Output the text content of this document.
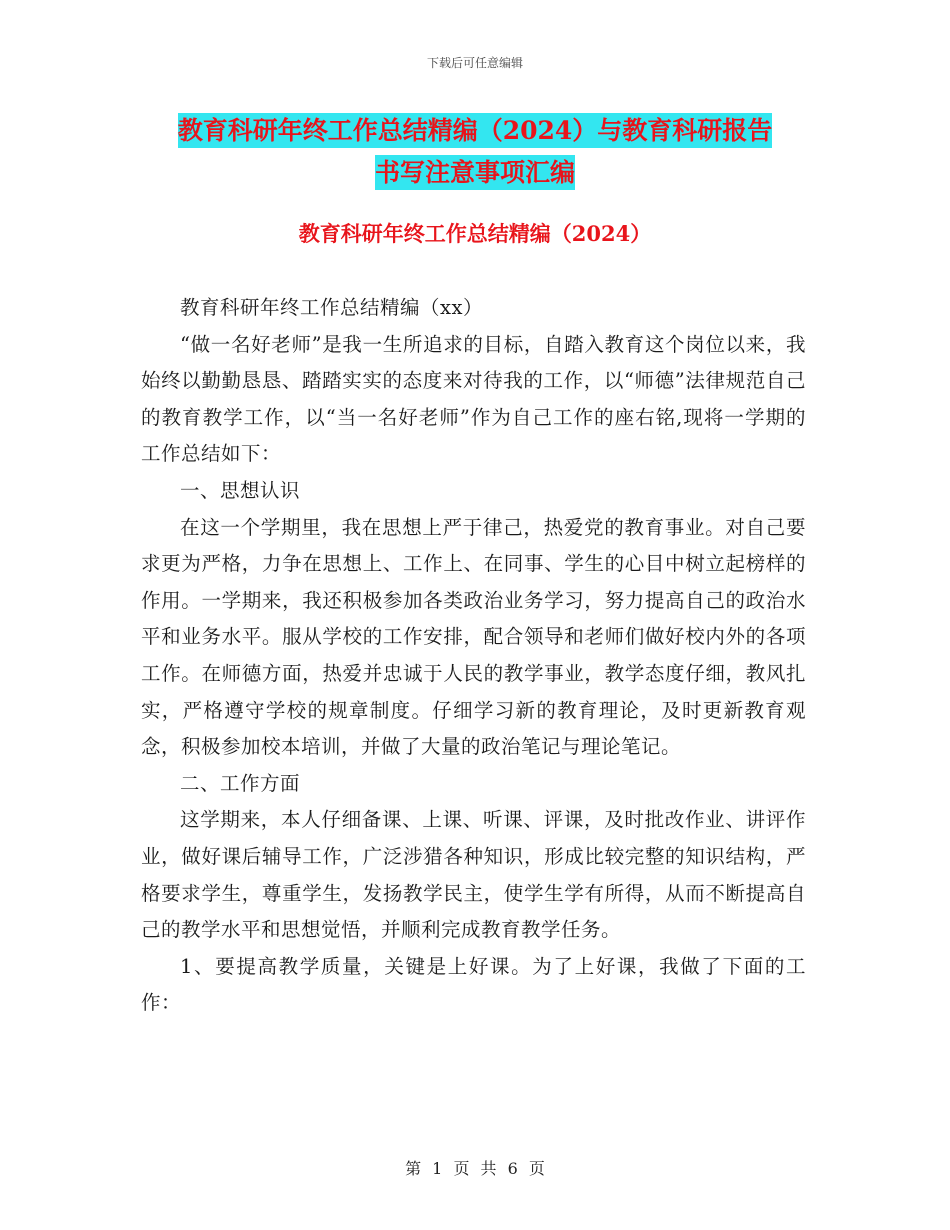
下载后可任意编辑
教育科研年终工作总结精编（2024）与教育科研报告
书写注意事项汇编
教育科研年终工作总结精编（2024）

教育科研年终工作总结精编（xx）

“做一名好老师”是我一生所追求的目标，自踏入教育这个岗位以来，我始终以勤勤恳恳、踏踏实实的态度来对待我的工作，以“师德”法律规范自己的教育教学工作，以“当一名好老师”作为自己工作的座右铭,现将一学期的工作总结如下：

一、思想认识

在这一个学期里，我在思想上严于律己，热爱党的教育事业。对自己要求更为严格，力争在思想上、工作上、在同事、学生的心目中树立起榜样的作用。一学期来，我还积极参加各类政治业务学习，努力提高自己的政治水平和业务水平。服从学校的工作安排，配合领导和老师们做好校内外的各项工作。在师德方面，热爱并忠诚于人民的教学事业，教学态度仔细，教风扎实，严格遵守学校的规章制度。仔细学习新的教育理论，及时更新教育观念，积极参加校本培训，并做了大量的政治笔记与理论笔记。

二、工作方面

这学期来，本人仔细备课、上课、听课、评课，及时批改作业、讲评作业，做好课后辅导工作，广泛涉猎各种知识，形成比较完整的知识结构，严格要求学生，尊重学生，发扬教学民主，使学生学有所得，从而不断提高自己的教学水平和思想觉悟，并顺利完成教育教学任务。

1、要提高教学质量，关键是上好课。为了上好课，我做了下面的工作：

第 1 页 共 6 页
